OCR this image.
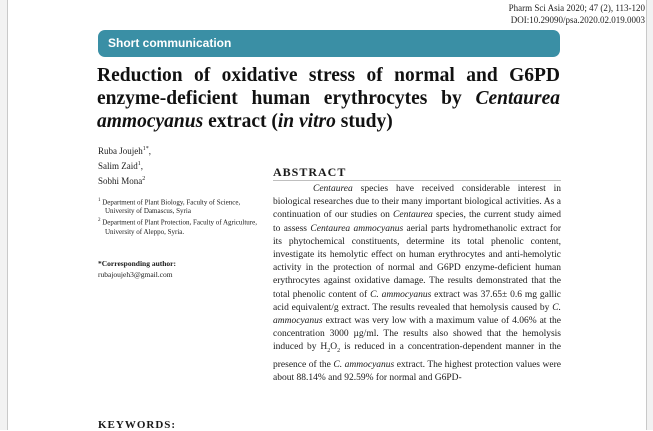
Pharm Sci Asia 2020; 47 (2), 113-120
DOI:10.29090/psa.2020.02.019.0003
Short communication
Reduction of oxidative stress of normal and G6PD enzyme-deficient human erythrocytes by Centaurea ammocyanus extract (in vitro study)
Ruba Joujeh$^{1*}$,
Salim Zaid$^1$,
Sobhi Mona$^2$
$^1$ Department of Plant Biology, Faculty of Science, University of Damascus, Syria
$^2$ Department of Plant Protection, Faculty of Agriculture, University of Aleppo, Syria.
*Corresponding author:
rubajoujeh3@gmail.com
KEYWORDS:
ABSTRACT

Centaurea species have received considerable interest in biological researches due to their many important biological activities. As a continuation of our studies on Centaurea species, the current study aimed to assess Centaurea ammocyanus aerial parts hydromethanolic extract for its phytochemical constituents, determine its total phenolic content, investigate its hemolytic effect on human erythrocytes and anti-hemolytic activity in the protection of normal and G6PD enzyme-deficient human erythrocytes against oxidative damage. The results demonstrated that the total phenolic content of C. ammocyanus extract was 37.65± 0.6 mg gallic acid equivalent/g extract. The results revealed that hemolysis caused by C. ammocyanus extract was very low with a maximum value of 4.06% at the concentration 3000 µg/ml. The results also showed that the hemolysis induced by $H_2O_2$ is reduced in a concentration-dependent manner in the presence of the C. ammocyanus extract. The highest protection values were about 88.14% and 92.59% for normal and G6PD-
